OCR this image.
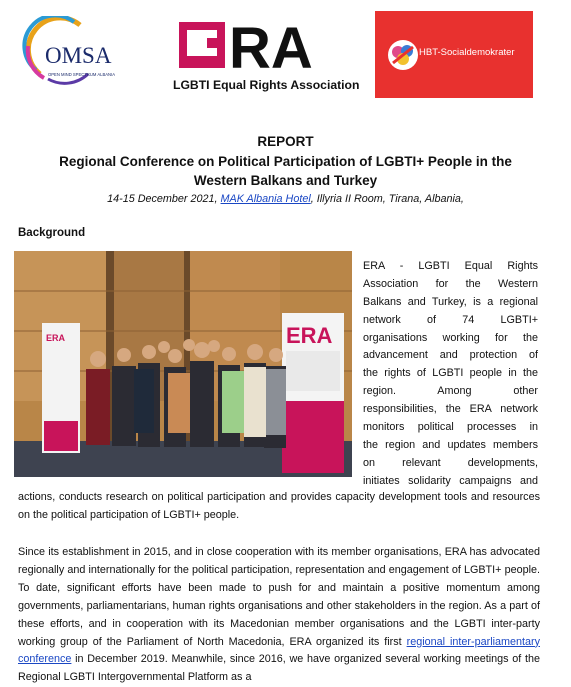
OMSA
OPEN MIND SPECTRUM ALBANIA RA
LGBTI Equal Rights Association
HBT-Socialdemokrater
REPORT
Regional Conference on Political Participation of LGBTI+ People in the
Western Balkans and Turkey
14-15 December 2021, MAK Albania Hotel, Illyria II Room, Tirana, Albania,
Background
ERA	ERA
ERA - LGBTI Equal Rights
Association for the Western
Balkans and Turkey, is a regional
network of 74 LGBTI+
organisations working for the
advancement and protection of
the rights of LGBTI people in the
region. Among other
responsibilities, the ERA network
monitors political processes in
the region and updates members
on relevant developments,
initiates solidarity campaigns and
actions, conducts research on political participation and provides capacity development tools and resources on the political participation of LGBTI+ people.
Since its establishment in 2015, and in close cooperation with its member organisations, ERA has advocated regionally and internationally for the political participation, representation and engagement of LGBTI+ people. To date, significant efforts have been made to push for and maintain a positive momentum among governments, parliamentarians, human rights organisations and other stakeholders in the region. As a part of these efforts, and in cooperation with its Macedonian member organisations and the LGBTI inter-party working group of the Parliament of North Macedonia, ERA organized its first regional inter-parliamentary conference in December 2019. Meanwhile, since 2016, we have organized several working meetings of the Regional LGBTI Intergovernmental Platform as a
